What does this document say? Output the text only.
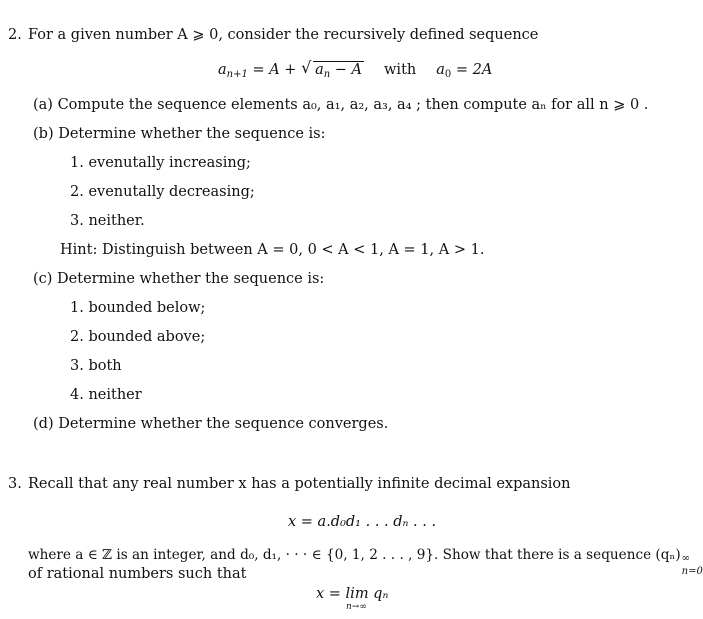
2. For a given number A ⩾ 0, consider the recursively defined sequence
$a_{n+1} = A$ + √ $a_n - A$ with $a_0 = 2A$
(a) Compute the sequence elements a₀, a₁, a₂, a₃, a₄ ; then compute aₙ for all n ⩾ 0 .
(b) Determine whether the sequence is:
1. evenutally increasing;
2. evenutally decreasing;
3. neither.
Hint: Distinguish between A = 0, 0 < A < 1, A = 1, A > 1.
(c) Determine whether the sequence is:
1. bounded below;
2. bounded above;
3. both
4. neither
(d) Determine whether the sequence converges.
3. Recall that any real number x has a potentially infinite decimal expansion
x = a.d₀d₁ . . . dₙ . . .
where a ∈ ℤ is an integer, and d₀, d₁, · · · ∈ {0, 1, 2 . . . , 9}. Show that there is a sequence (qₙ) ∞
n=0
of rational numbers such that
x = lim qₙ
n→∞
